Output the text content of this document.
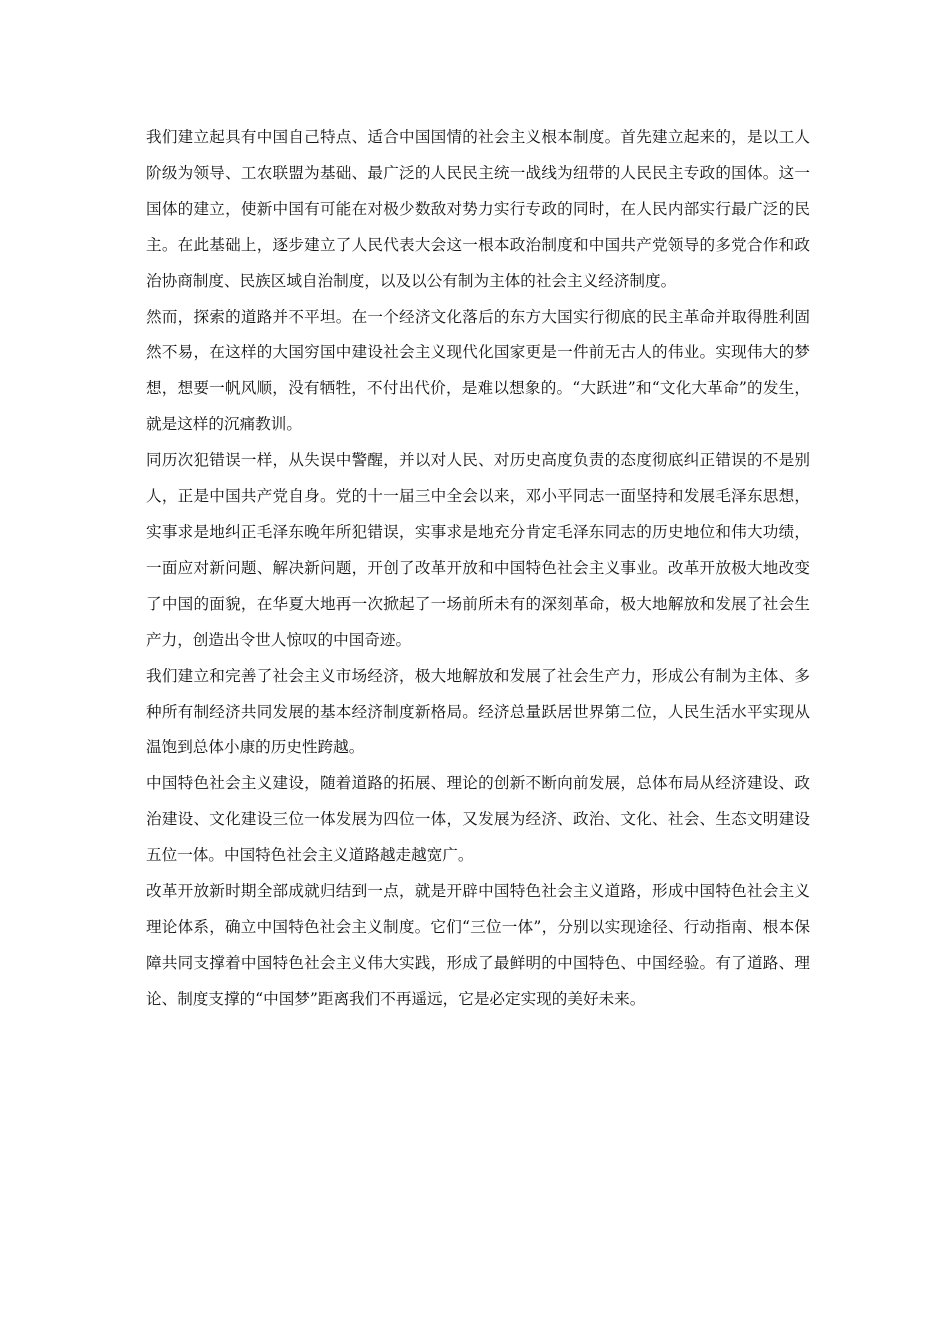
我们建立起具有中国自己特点、适合中国国情的社会主义根本制度。首先建立起来的，是以工人阶级为领导、工农联盟为基础、最广泛的人民民主统一战线为纽带的人民民主专政的国体。这一国体的建立，使新中国有可能在对极少数敌对势力实行专政的同时，在人民内部实行最广泛的民主。在此基础上，逐步建立了人民代表大会这一根本政治制度和中国共产党领导的多党合作和政治协商制度、民族区域自治制度，以及以公有制为主体的社会主义经济制度。

然而，探索的道路并不平坦。在一个经济文化落后的东方大国实行彻底的民主革命并取得胜利固然不易，在这样的大国穷国中建设社会主义现代化国家更是一件前无古人的伟业。实现伟大的梦想，想要一帆风顺，没有牺牲，不付出代价，是难以想象的。“大跃进”和“文化大革命”的发生，就是这样的沉痛教训。

同历次犯错误一样，从失误中警醒，并以对人民、对历史高度负责的态度彻底纠正错误的不是别人，正是中国共产党自身。党的十一届三中全会以来，邓小平同志一面坚持和发展毛泽东思想，实事求是地纠正毛泽东晚年所犯错误，实事求是地充分肯定毛泽东同志的历史地位和伟大功绩，一面应对新问题、解决新问题，开创了改革开放和中国特色社会主义事业。改革开放极大地改变了中国的面貌，在华夏大地再一次掀起了一场前所未有的深刻革命，极大地解放和发展了社会生产力，创造出令世人惊叹的中国奇迹。

我们建立和完善了社会主义市场经济，极大地解放和发展了社会生产力，形成公有制为主体、多种所有制经济共同发展的基本经济制度新格局。经济总量跃居世界第二位，人民生活水平实现从温饱到总体小康的历史性跨越。

中国特色社会主义建设，随着道路的拓展、理论的创新不断向前发展，总体布局从经济建设、政治建设、文化建设三位一体发展为四位一体，又发展为经济、政治、文化、社会、生态文明建设五位一体。中国特色社会主义道路越走越宽广。

改革开放新时期全部成就归结到一点，就是开辟中国特色社会主义道路，形成中国特色社会主义理论体系，确立中国特色社会主义制度。它们“三位一体”，分别以实现途径、行动指南、根本保障共同支撑着中国特色社会主义伟大实践，形成了最鲜明的中国特色、中国经验。有了道路、理论、制度支撑的“中国梦”距离我们不再遥远，它是必定实现的美好未来。
